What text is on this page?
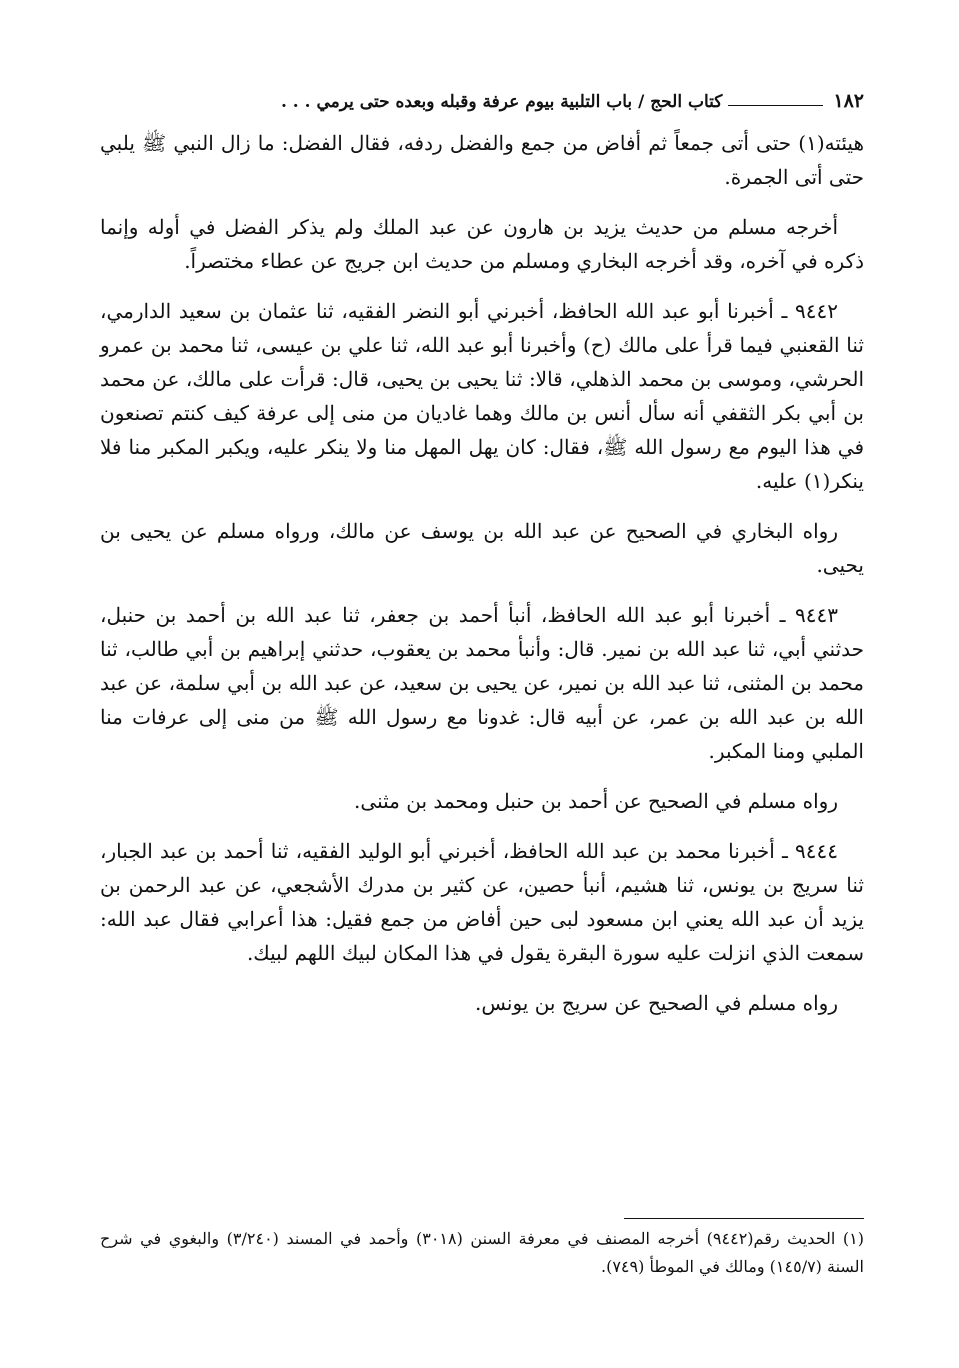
١٨٢
كتاب الحج / باب التلبية بيوم عرفة وقبله وبعده حتى يرمي . . .

هيئته(١) حتى أتى جمعاً ثم أفاض من جمع والفضل ردفه، فقال الفضل: ما زال النبي ﷺ يلبي حتى أتى الجمرة.

أخرجه مسلم من حديث يزيد بن هارون عن عبد الملك ولم يذكر الفضل في أوله وإنما ذكره في آخره، وقد أخرجه البخاري ومسلم من حديث ابن جريج عن عطاء مختصراً.

٩٤٤٢ ـ أخبرنا أبو عبد الله الحافظ، أخبرني أبو النضر الفقيه، ثنا عثمان بن سعيد الدارمي، ثنا القعنبي فيما قرأ على مالك (ح) وأخبرنا أبو عبد الله، ثنا علي بن عيسى، ثنا محمد بن عمرو الحرشي، وموسى بن محمد الذهلي، قالا: ثنا يحيى بن يحيى، قال: قرأت على مالك، عن محمد بن أبي بكر الثقفي أنه سأل أنس بن مالك وهما غاديان من منى إلى عرفة كيف كنتم تصنعون في هذا اليوم مع رسول الله ﷺ، فقال: كان يهل المهل منا ولا ينكر عليه، ويكبر المكبر منا فلا ينكر(١) عليه.

رواه البخاري في الصحيح عن عبد الله بن يوسف عن مالك، ورواه مسلم عن يحيى بن يحيى.

٩٤٤٣ ـ أخبرنا أبو عبد الله الحافظ، أنبأ أحمد بن جعفر، ثنا عبد الله بن أحمد بن حنبل، حدثني أبي، ثنا عبد الله بن نمير. قال: وأنبأ محمد بن يعقوب، حدثني إبراهيم بن أبي طالب، ثنا محمد بن المثنى، ثنا عبد الله بن نمير، عن يحيى بن سعيد، عن عبد الله بن أبي سلمة، عن عبد الله بن عبد الله بن عمر، عن أبيه قال: غدونا مع رسول الله ﷺ من منى إلى عرفات منا الملبي ومنا المكبر.

رواه مسلم في الصحيح عن أحمد بن حنبل ومحمد بن مثنى.

٩٤٤٤ ـ أخبرنا محمد بن عبد الله الحافظ، أخبرني أبو الوليد الفقيه، ثنا أحمد بن عبد الجبار، ثنا سريج بن يونس، ثنا هشيم، أنبأ حصين، عن كثير بن مدرك الأشجعي، عن عبد الرحمن بن يزيد أن عبد الله يعني ابن مسعود لبى حين أفاض من جمع فقيل: هذا أعرابي فقال عبد الله: سمعت الذي انزلت عليه سورة البقرة يقول في هذا المكان لبيك اللهم لبيك.

رواه مسلم في الصحيح عن سريج بن يونس.

(١) الحديث رقم(٩٤٤٢) أخرجه المصنف في معرفة السنن (٣٠١٨) وأحمد في المسند (٣/٢٤٠) والبغوي في شرح السنة (١٤٥/٧) ومالك في الموطأ (٧٤٩).
